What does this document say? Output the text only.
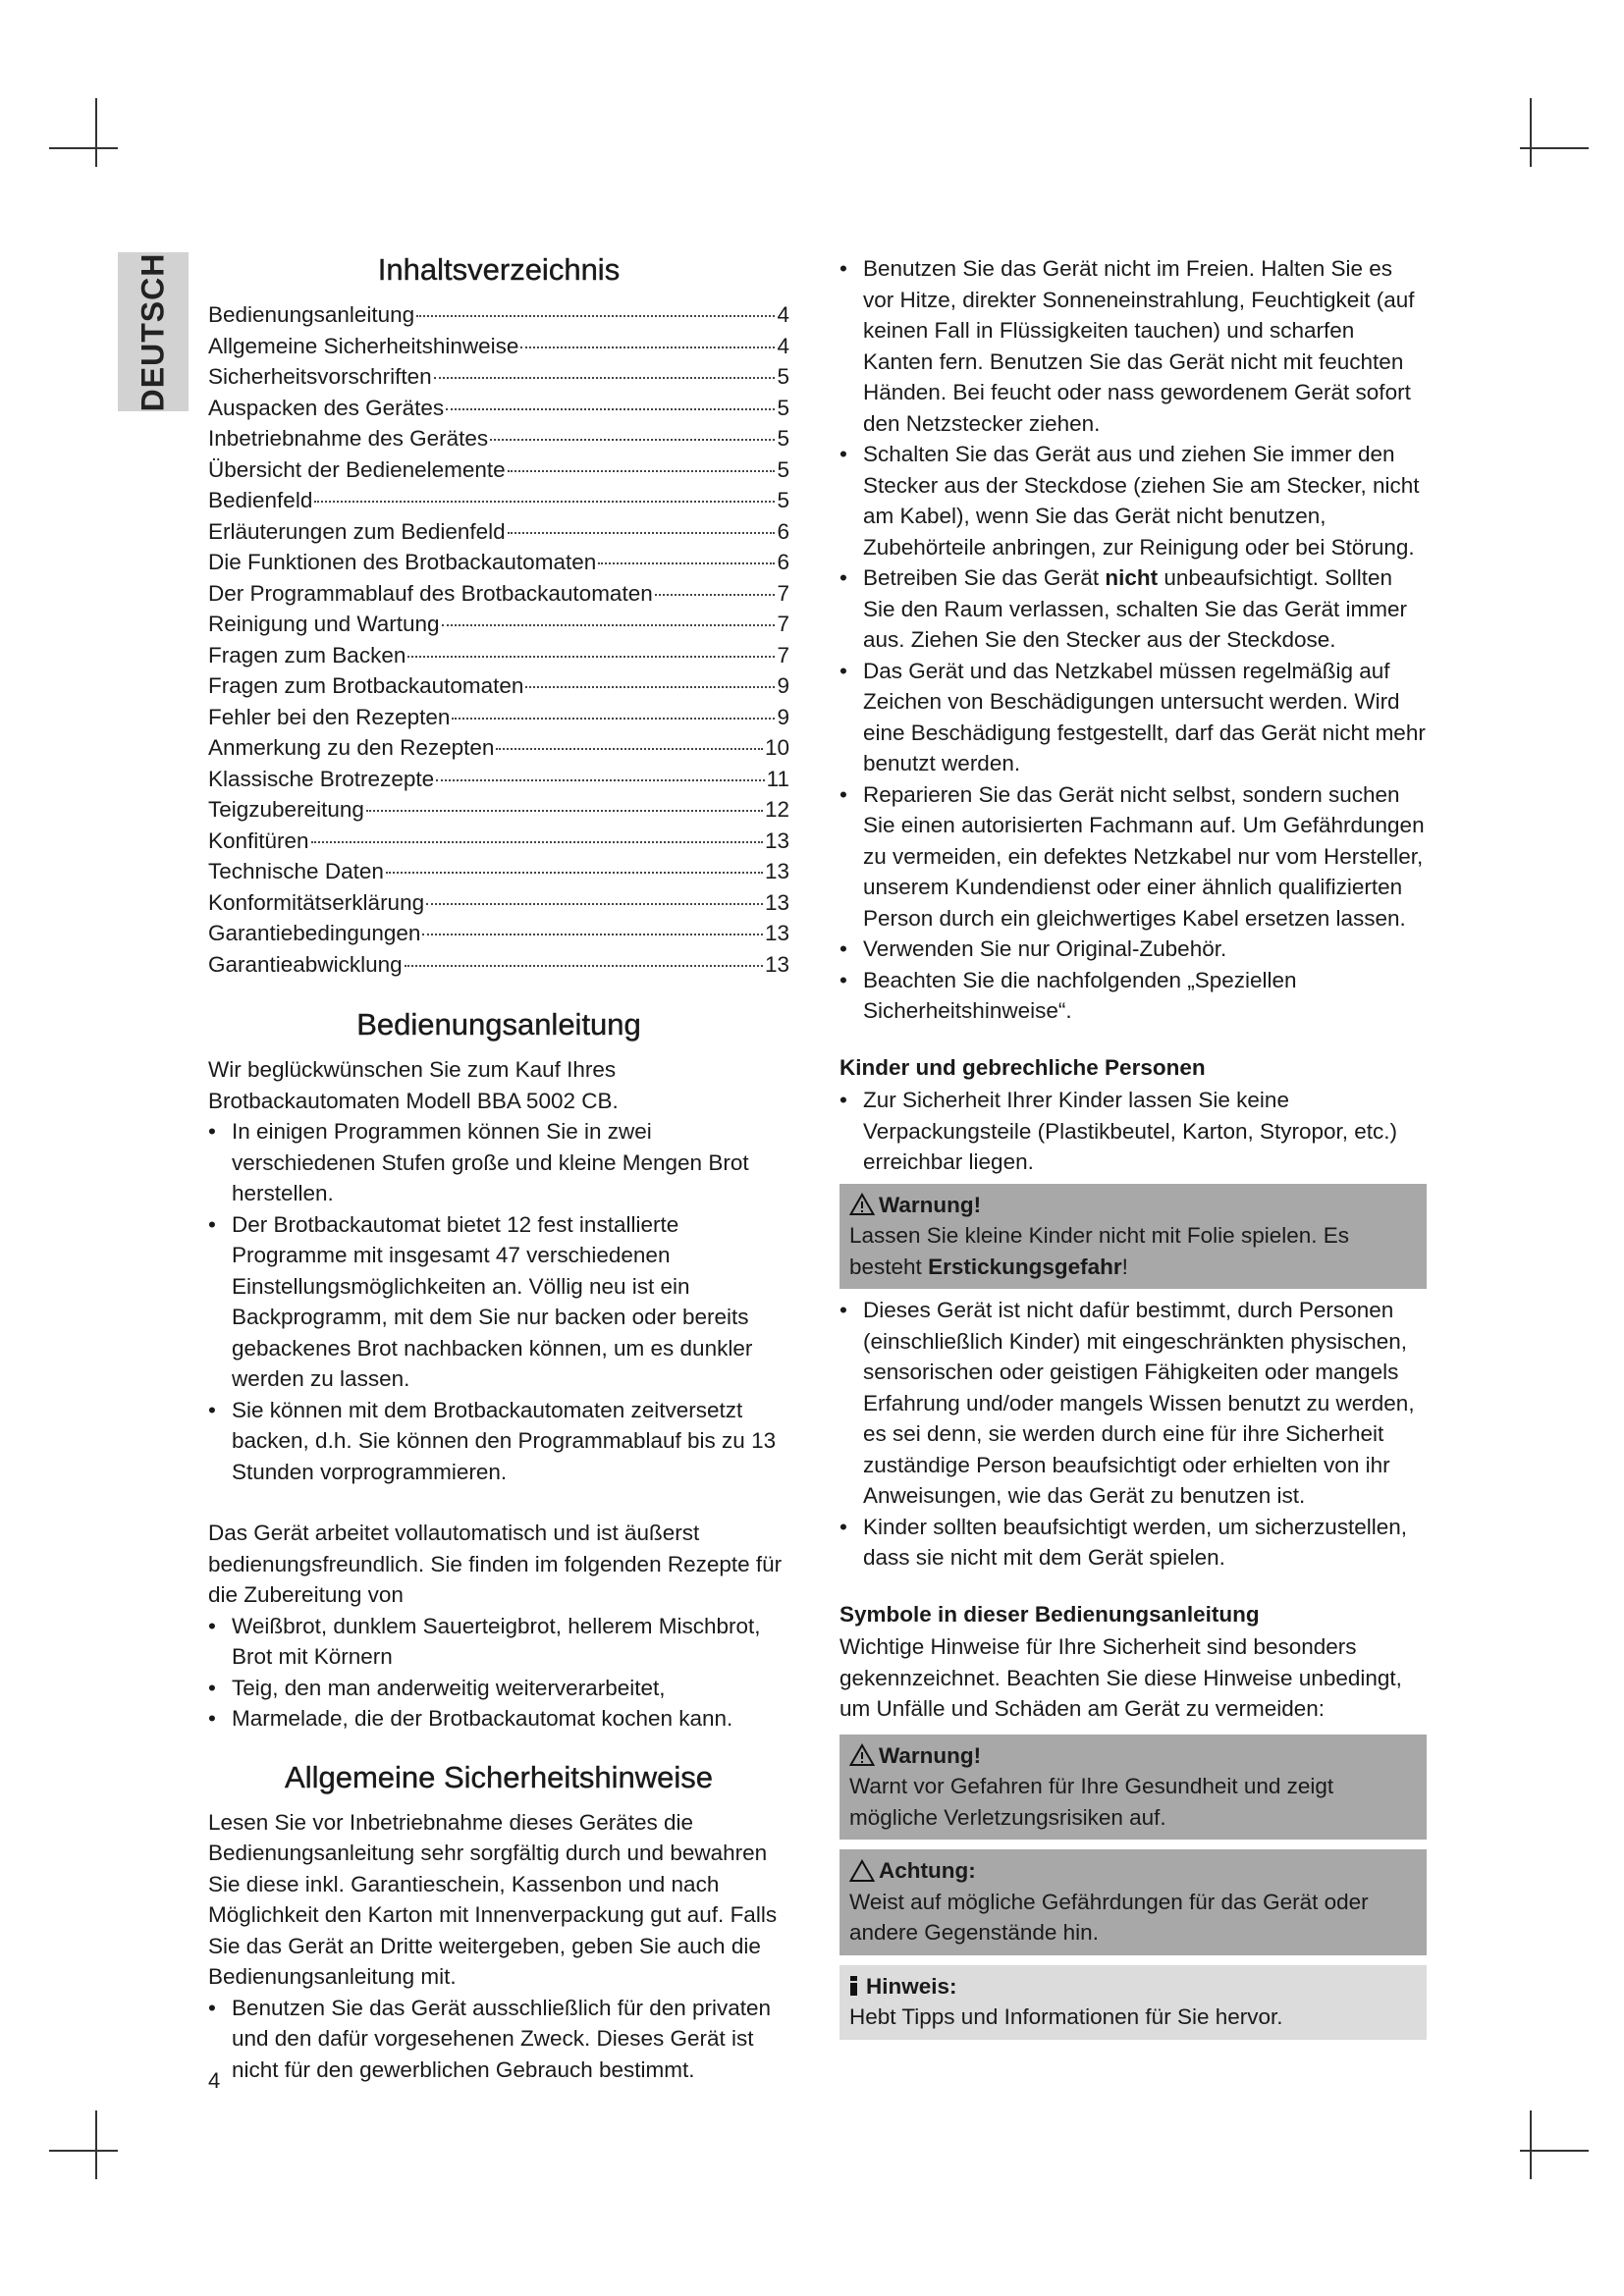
DEUTSCH	Inhaltsverzeichnis
Bedienungsanleitung	4
Allgemeine Sicherheitshinweise	4
Sicherheitsvorschriften	5
Auspacken des Gerätes	5
Inbetriebnahme des Gerätes	5
Übersicht der Bedienelemente	5
Bedienfeld	5
Erläuterungen zum Bedienfeld	6
Die Funktionen des Brotbackautomaten	6
Der Programmablauf des Brotbackautomaten	7
Reinigung und Wartung	7
Fragen zum Backen	7
Fragen zum Brotbackautomaten	9
Fehler bei den Rezepten	9
Anmerkung zu den Rezepten	10
Klassische Brotrezepte	11
Teigzubereitung	12
Konfitüren	13
Technische Daten	13
Konformitätserklärung	13
Garantiebedingungen	13
Garantieabwicklung	13
Bedienungsanleitung

Wir beglückwünschen Sie zum Kauf Ihres Brotbackautomaten Modell BBA 5002 CB.

• In einigen Programmen können Sie in zwei verschiedenen Stufen große und kleine Mengen Brot herstellen.
• Der Brotbackautomat bietet 12 fest installierte Programme mit insgesamt 47 verschiedenen Einstellungsmöglichkeiten an. Völlig neu ist ein Backprogramm, mit dem Sie nur backen oder bereits gebackenes Brot nachbacken können, um es dunkler werden zu lassen.
• Sie können mit dem Brotbackautomaten zeitversetzt backen, d.h. Sie können den Programmablauf bis zu 13 Stunden vorprogrammieren.

Das Gerät arbeitet vollautomatisch und ist äußerst bedienungsfreundlich. Sie finden im folgenden Rezepte für die Zubereitung von

• Weißbrot, dunklem Sauerteigbrot, hellerem Mischbrot, Brot mit Körnern
• Teig, den man anderweitig weiterverarbeitet,
• Marmelade, die der Brotbackautomat kochen kann.
Allgemeine Sicherheitshinweise

Lesen Sie vor Inbetriebnahme dieses Gerätes die Bedienungsanleitung sehr sorgfältig durch und bewahren Sie diese inkl. Garantieschein, Kassenbon und nach Möglichkeit den Karton mit Innenverpackung gut auf. Falls Sie das Gerät an Dritte weitergeben, geben Sie auch die Bedienungsanleitung mit.

• Benutzen Sie das Gerät ausschließlich für den privaten und den dafür vorgesehenen Zweck. Dieses Gerät ist nicht für den gewerblichen Gebrauch bestimmt.
• Benutzen Sie das Gerät nicht im Freien. Halten Sie es vor Hitze, direkter Sonneneinstrahlung, Feuchtigkeit (auf keinen Fall in Flüssigkeiten tauchen) und scharfen Kanten fern. Benutzen Sie das Gerät nicht mit feuchten Händen. Bei feucht oder nass gewordenem Gerät sofort den Netzstecker ziehen.
• Schalten Sie das Gerät aus und ziehen Sie immer den Stecker aus der Steckdose (ziehen Sie am Stecker, nicht am Kabel), wenn Sie das Gerät nicht benutzen, Zubehörteile anbringen, zur Reinigung oder bei Störung.
• Betreiben Sie das Gerät nicht unbeaufsichtigt. Sollten Sie den Raum verlassen, schalten Sie das Gerät immer aus. Ziehen Sie den Stecker aus der Steckdose.
• Das Gerät und das Netzkabel müssen regelmäßig auf Zeichen von Beschädigungen untersucht werden. Wird eine Beschädigung festgestellt, darf das Gerät nicht mehr benutzt werden.
• Reparieren Sie das Gerät nicht selbst, sondern suchen Sie einen autorisierten Fachmann auf. Um Gefährdungen zu vermeiden, ein defektes Netzkabel nur vom Hersteller, unserem Kundendienst oder einer ähnlich qualifizierten Person durch ein gleichwertiges Kabel ersetzen lassen.
• Verwenden Sie nur Original-Zubehör.
• Beachten Sie die nachfolgenden „Speziellen Sicherheitshinweise“.
Kinder und gebrechliche Personen
• Zur Sicherheit Ihrer Kinder lassen Sie keine Verpackungsteile (Plastikbeutel, Karton, Styropor, etc.) erreichbar liegen.
Warnung!

Lassen Sie kleine Kinder nicht mit Folie spielen. Es besteht Erstickungsgefahr!

• Dieses Gerät ist nicht dafür bestimmt, durch Personen (einschließlich Kinder) mit eingeschränkten physischen, sensorischen oder geistigen Fähigkeiten oder mangels Erfahrung und/oder mangels Wissen benutzt zu werden, es sei denn, sie werden durch eine für ihre Sicherheit zuständige Person beaufsichtigt oder erhielten von ihr Anweisungen, wie das Gerät zu benutzen ist.
• Kinder sollten beaufsichtigt werden, um sicherzustellen, dass sie nicht mit dem Gerät spielen.
Symbole in dieser Bedienungsanleitung

Wichtige Hinweise für Ihre Sicherheit sind besonders gekennzeichnet. Beachten Sie diese Hinweise unbedingt, um Unfälle und Schäden am Gerät zu vermeiden:

Warnung!

Warnt vor Gefahren für Ihre Gesundheit und zeigt mögliche Verletzungsrisiken auf.

Achtung:

Weist auf mögliche Gefährdungen für das Gerät oder andere Gegenstände hin.

Hinweis:

Hebt Tipps und Informationen für Sie hervor.

4
